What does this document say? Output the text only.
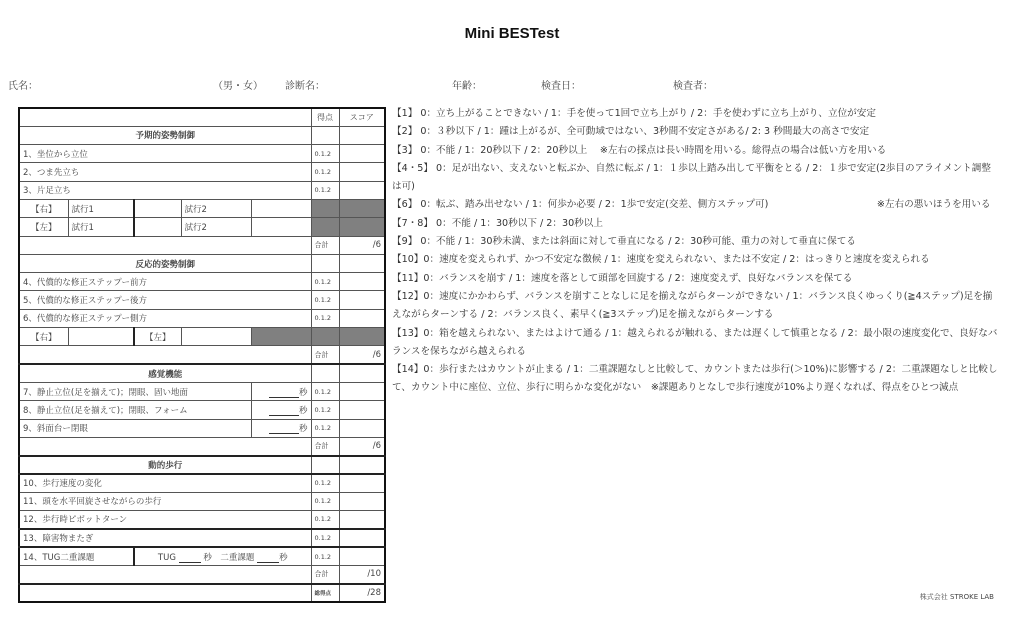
Mini BESTest
氏名：	（男・女） 診断名：	年齢：	検査日：	検査者：
					得点	スコア
予期的姿勢制御						
1、坐位から立位					0.1.2	
2、つま先立ち					0.1.2	
3、片足立ち					0.1.2	
【右】	試行1		試行2			
【左】	試行1		試行2			
					合計	/6
反応的姿勢制御						
4、代償的な修正ステップー前方					0.1.2	
5、代償的な修正ステップー後方					0.1.2	
6、代償的な修正ステップー側方					0.1.2	
【右】		【左】				
					合計	/6
感覚機能						
7、静止立位(足を揃えて)；閉眼、固い地面				秒	0.1.2	
8、静止立位(足を揃えて)；閉眼、フォーム				秒	0.1.2	
9、斜面台ー閉眼				秒	0.1.2	
					合計	/6
動的歩行						
10、歩行速度の変化					0.1.2	
11、頭を水平回旋させながらの歩行					0.1.2	
12、歩行時ピボットターン					0.1.2	
13、障害物またぎ					0.1.2	
14、TUG二重課題		TUG 秒　 二重課題 秒			0.1.2	
					合計	/10
					総得点	/28

【1】 0：立ち上がることできない / 1：手を使って1回で立ち上がり / 2：手を使わずに立ち上がり、立位が安定

【2】 0：３秒以下 / 1：踵は上がるが、全可動域ではない、3秒間不安定さがある/ 2: 3 秒間最大の高さで安定

【3】 0：不能 / 1：20秒以下 / 2：20秒以上　 ※左右の採点は長い時間を用いる。総得点の場合は低い方を用いる

【4・5】 0：足が出ない、支えないと転ぶか、自然に転ぶ / 1：１歩以上踏み出して平衡をとる / 2：１歩で安定(2歩目のアライメント調整は可)

【6】 0：転ぶ、踏み出せない / 1：何歩か必要 / 2：1歩で安定(交差、側方ステップ可)　　　　　　　　　　　 ※左右の悪いほうを用いる

【7・8】 0：不能 / 1：30秒以下 / 2：30秒以上

【9】 0：不能 / 1：30秒未満、または斜面に対して垂直になる / 2：30秒可能、重力の対して垂直に保てる

【10】0：速度を変えられず、かつ不安定な徴候 / 1：速度を変えられない、または不安定 / 2：はっきりと速度を変えられる

【11】0：バランスを崩す / 1：速度を落として頭部を回旋する / 2：速度変えず、良好なバランスを保てる

【12】0：速度にかかわらず、バランスを崩すことなしに足を揃えながらターンができない / 1：バランス良くゆっくり(≧4ステップ)足を揃えながらターンする / 2：バランス良く、素早く(≧3ステップ)足を揃えながらターンする

【13】0：箱を越えられない、またはよけて通る / 1：越えられるが触れる、または遅くして慎重となる / 2：最小限の速度変化で、良好なバランスを保ちながら越えられる

【14】0：歩行またはカウントが止まる / 1：二重課題なしと比較して、カウントまたは歩行(＞10%)に影響する / 2：二重課題なしと比較して、カウント中に座位、立位、歩行に明らかな変化がない　※課題ありとなしで歩行速度が10%より遅くなれば、得点をひとつ減点

株式会社 STROKE LAB
